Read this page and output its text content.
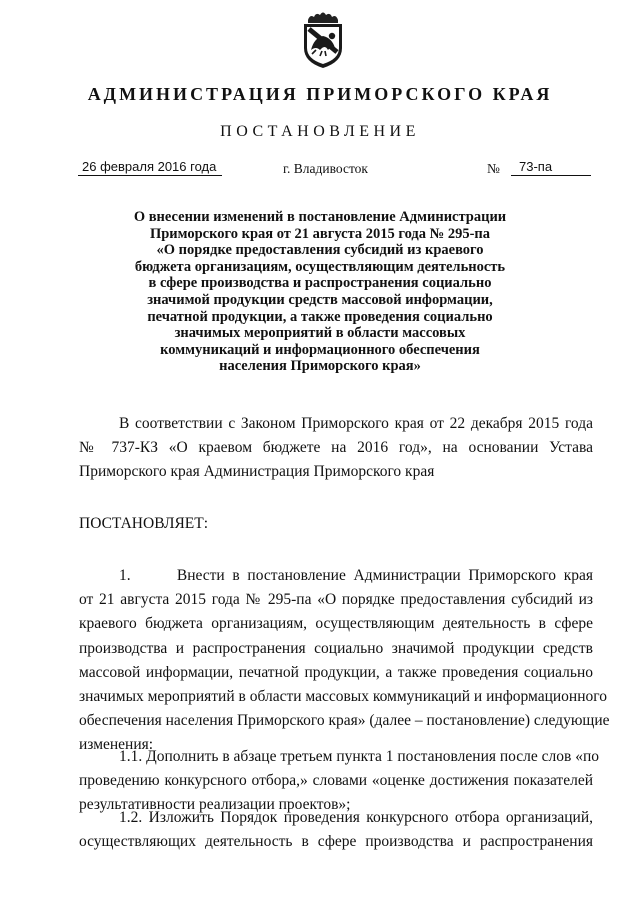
АДМИНИСТРАЦИЯ ПРИМОРСКОГО КРАЯ
ПОСТАНОВЛЕНИЕ
26 февраля 2016 года	г. Владивосток	№	73-па
О внесении изменений в постановление Администрации
Приморского края от 21 августа 2015 года № 295-па
«О порядке предоставления субсидий из краевого
бюджета организациям, осуществляющим деятельность
в сфере производства и распространения социально
значимой продукции средств массовой информации,
печатной продукции, а также проведения социально
значимых мероприятий в области массовых
коммуникаций и информационного обеспечения
населения Приморского края»

В соответствии с Законом Приморского края от 22 декабря 2015 года
№ 737-КЗ «О краевом бюджете на 2016 год», на основании Устава
Приморского края Администрация Приморского края

ПОСТАНОВЛЯЕТ:

1.      Внести в постановление Администрации Приморского края
от 21 августа 2015 года № 295-па «О порядке предоставления субсидий из
краевого бюджета организациям, осуществляющим деятельность в сфере
производства и распространения социально значимой продукции средств
массовой информации, печатной продукции, а также проведения социально
значимых мероприятий в области массовых коммуникаций и информационного
обеспечения населения Приморского края» (далее – постановление) следующие
изменения:

1.1. Дополнить в абзаце третьем пункта 1 постановления после слов «по
проведению конкурсного отбора,» словами «оценке достижения показателей
результативности реализации проектов»;

1.2. Изложить Порядок проведения конкурсного отбора организаций,
осуществляющих деятельность в сфере производства и распространения
